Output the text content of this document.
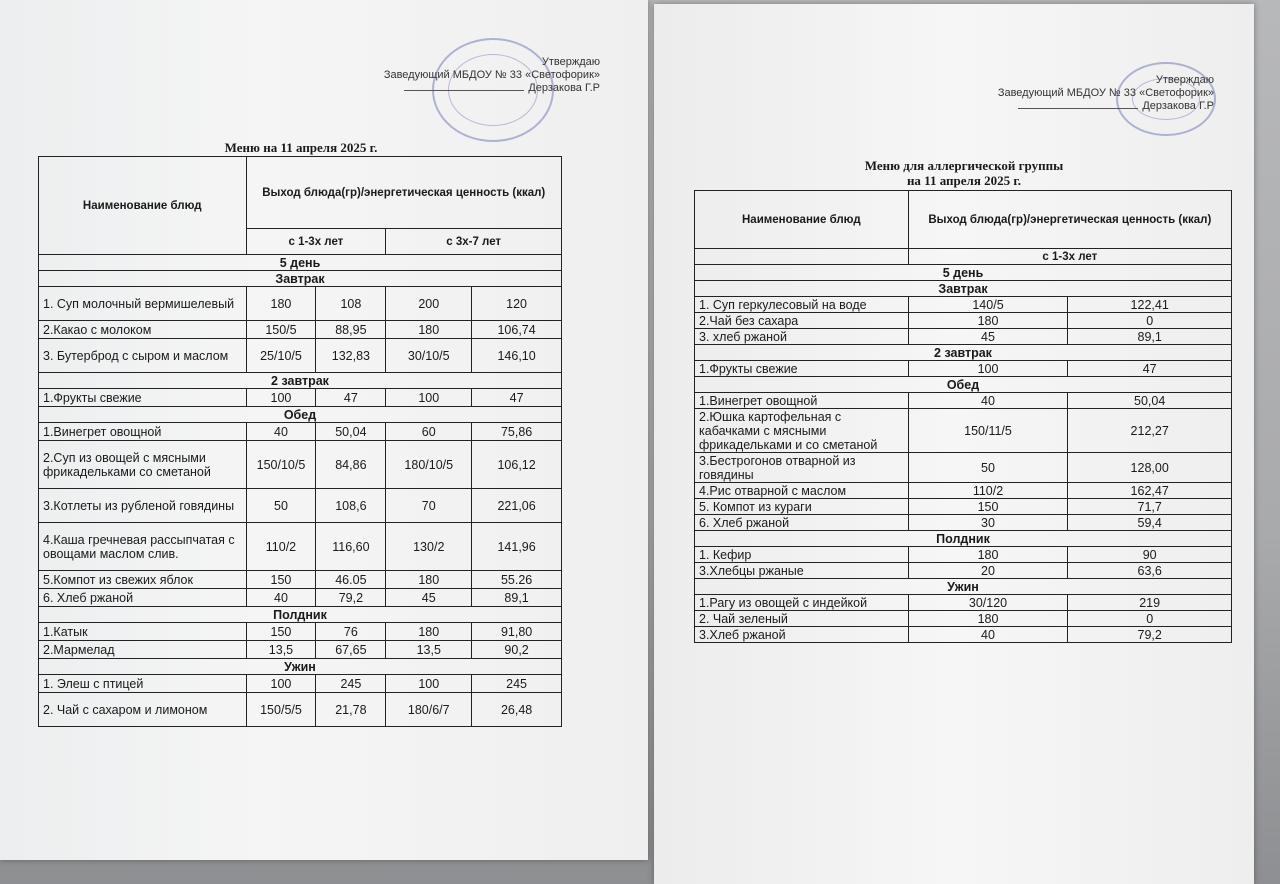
Утверждаю
Заведующий МБДОУ № 33 «Светофорик»
Дерзакова Г.Р
Меню на 11 апреля 2025 г.
Наименование блюд	Выход блюда(гр)/энергетическая ценность (ккал)			
	с 1-3х лет		с 3х-7 лет	
5 день				
Завтрак				
1. Суп молочный вермишелевый	180	108	200	120
2.Какао с молоком	150/5	88,95	180	106,74
3. Бутерброд с сыром и маслом	25/10/5	132,83	30/10/5	146,10
2 завтрак				
1.Фрукты свежие	100	47	100	47
Обед				
1.Винегрет овощной	40	50,04	60	75,86
2.Суп из овощей с мясными фрикадельками со сметаной	150/10/5	84,86	180/10/5	106,12
3.Котлеты из рубленой говядины	50	108,6	70	221,06
4.Каша гречневая рассыпчатая с овощами маслом слив.	110/2	116,60	130/2	141,96
5.Компот из свежих яблок	150	46.05	180	55.26
6. Хлеб ржаной	40	79,2	45	89,1
Полдник				
1.Катык	150	76	180	91,80
2.Мармелад	13,5	67,65	13,5	90,2
Ужин				
1. Элеш с птицей	100	245	100	245
2. Чай с сахаром и лимоном	150/5/5	21,78	180/6/7	26,48
Утверждаю
Заведующий МБДОУ № 33 «Светофорик»
Дерзакова Г.Р
Меню для аллергической группы
на 11 апреля 2025 г.
Наименование блюд	Выход блюда(гр)/энергетическая ценность (ккал)	
	с 1-3х лет	
5 день		
Завтрак		
1. Суп геркулесовый на воде	140/5	122,41
2.Чай без сахара	180	0
3. хлеб ржаной	45	89,1
2 завтрак		
1.Фрукты свежие	100	47
Обед		
1.Винегрет овощной	40	50,04
2.Юшка картофельная с кабачками с мясными фрикадельками и со сметаной	150/11/5	212,27
3.Бестрогонов отварной из говядины	50	128,00
4.Рис отварной с маслом	110/2	162,47
5. Компот из кураги	150	71,7
6. Хлеб ржаной	30	59,4
Полдник		
1. Кефир	180	90
3.Хлебцы ржаные	20	63,6
Ужин		
1.Рагу из овощей с индейкой	30/120	219
2. Чай зеленый	180	0
3.Хлеб ржаной	40	79,2
